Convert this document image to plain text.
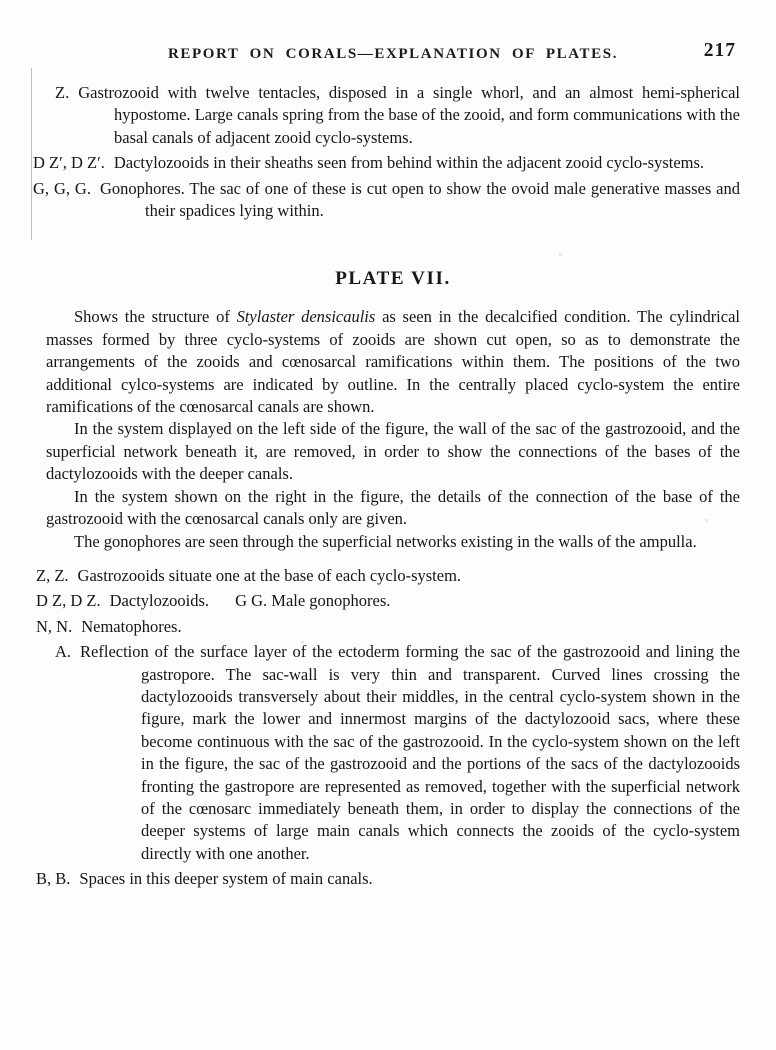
REPORT ON CORALS—EXPLANATION OF PLATES.	217

Z. Gastrozooid with twelve tentacles, disposed in a single whorl, and an almost hemi-spherical hypostome. Large canals spring from the base of the zooid, and form communications with the basal canals of adjacent zooid cyclo-systems.

D Z′, D Z′. Dactylozooids in their sheaths seen from behind within the adjacent zooid cyclo-systems.

G, G, G. Gonophores. The sac of one of these is cut open to show the ovoid male generative masses and their spadices lying within.

PLATE VII.

Shows the structure of Stylaster densicaulis as seen in the decalcified condition. The cylindrical masses formed by three cyclo-systems of zooids are shown cut open, so as to demonstrate the arrangements of the zooids and cœnosarcal ramifications within them. The positions of the two additional cylco-systems are indicated by outline. In the centrally placed cyclo-system the entire ramifications of the cœnosarcal canals are shown.

In the system displayed on the left side of the figure, the wall of the sac of the gastrozooid, and the superficial network beneath it, are removed, in order to show the connections of the bases of the dactylozooids with the deeper canals.

In the system shown on the right in the figure, the details of the connection of the base of the gastrozooid with the cœnosarcal canals only are given.

The gonophores are seen through the superficial networks existing in the walls of the ampulla.

Z, Z. Gastrozooids situate one at the base of each cyclo-system.

D Z, D Z. Dactylozooids. G G. Male gonophores.

N, N. Nematophores.

A. Reflection of the surface layer of the ectoderm forming the sac of the gastrozooid and lining the gastropore. The sac-wall is very thin and transparent. Curved lines crossing the dactylozooids transversely about their middles, in the central cyclo-system shown in the figure, mark the lower and innermost margins of the dactylozooid sacs, where these become continuous with the sac of the gastrozooid. In the cyclo-system shown on the left in the figure, the sac of the gastrozooid and the portions of the sacs of the dactylozooids fronting the gastropore are represented as removed, together with the superficial network of the cœnosarc immediately beneath them, in order to display the connections of the deeper systems of large main canals which connects the zooids of the cyclo-system directly with one another.

B, B. Spaces in this deeper system of main canals.
